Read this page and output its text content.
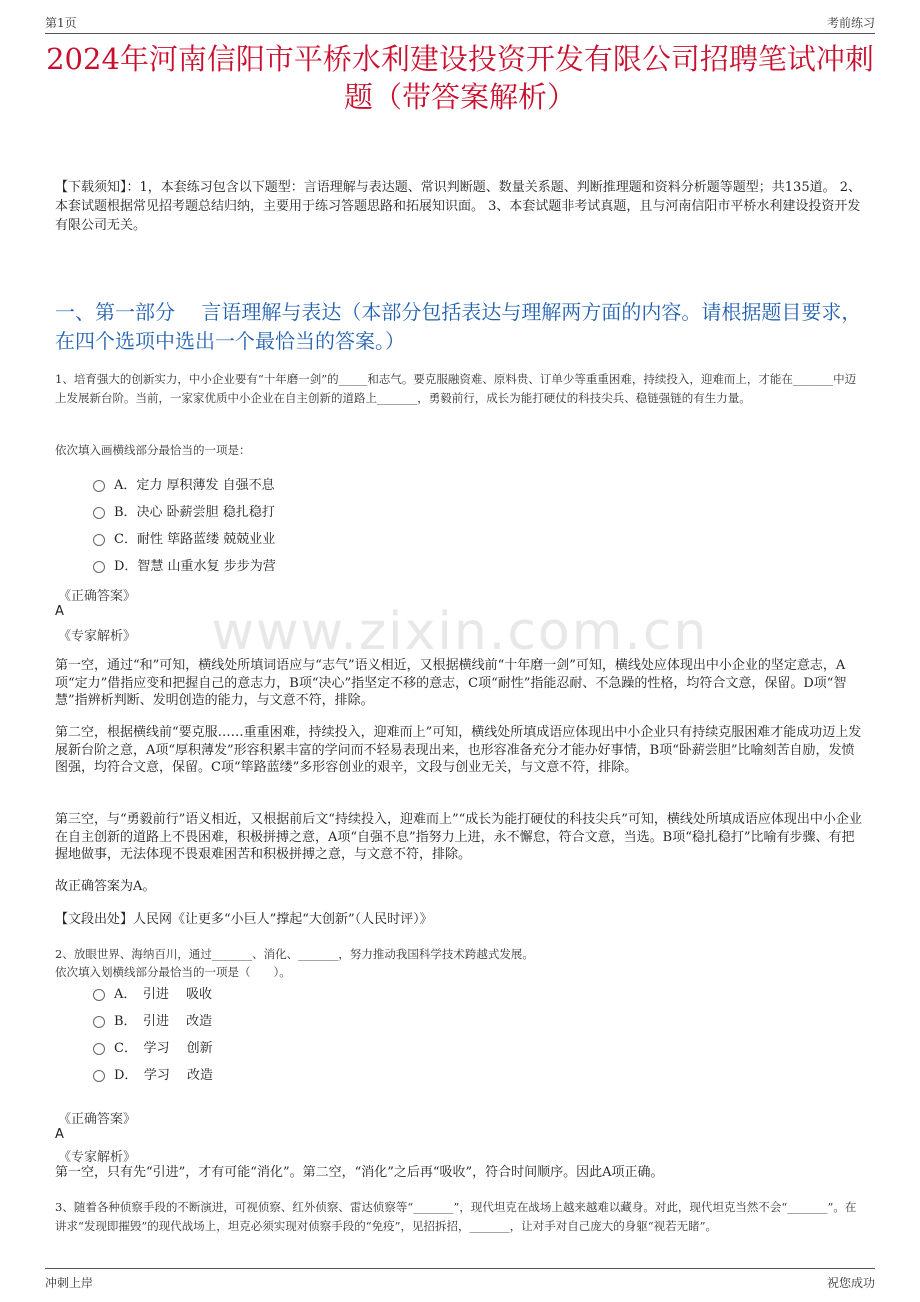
第1页	考前练习
2024年河南信阳市平桥水利建设投资开发有限公司招聘笔试冲刺题（带答案解析）
【下载须知】：1，本套练习包含以下题型：言语理解与表达题、常识判断题、数量关系题、判断推理题和资料分析题等题型；共135道。 2、本套试题根据常见招考题总结归纳，主要用于练习答题思路和拓展知识面。 3、本套试题非考试真题，且与河南信阳市平桥水利建设投资开发有限公司无关。
一、第一部分　 言语理解与表达（本部分包括表达与理解两方面的内容。请根据题目要求，在四个选项中选出一个最恰当的答案。）
www.zixin.com.cn
1、培育强大的创新实力，中小企业要有“十年磨一剑”的_____和志气。要克服融资难、原料贵、订单少等重重困难，持续投入，迎难而上，才能在_______中迈上发展新台阶。当前，一家家优质中小企业在自主创新的道路上_______，勇毅前行，成长为能打硬仗的科技尖兵、稳链强链的有生力量。
依次填入画横线部分最恰当的一项是：
A．定力 厚积薄发 自强不息
B．决心 卧薪尝胆 稳扎稳打
C．耐性 筚路蓝缕 兢兢业业
D．智慧 山重水复 步步为营
《正确答案》
A
《专家解析》
第一空，通过“和”可知，横线处所填词语应与“志气”语义相近，又根据横线前“十年磨一剑”可知，横线处应体现出中小企业的坚定意志，A项“定力”借指应变和把握自己的意志力，B项“决心”指坚定不移的意志，C项“耐性”指能忍耐、不急躁的性格，均符合文意，保留。D项“智慧”指辨析判断、发明创造的能力，与文意不符，排除。
第二空，根据横线前“要克服……重重困难，持续投入，迎难而上”可知，横线处所填成语应体现出中小企业只有持续克服困难才能成功迈上发展新台阶之意，A项“厚积薄发”形容积累丰富的学问而不轻易表现出来，也形容准备充分才能办好事情，B项“卧薪尝胆”比喻刻苦自励，发愤图强，均符合文意，保留。C项“筚路蓝缕”多形容创业的艰辛，文段与创业无关，与文意不符，排除。
第三空，与“勇毅前行”语义相近，又根据前后文“持续投入，迎难而上”“成长为能打硬仗的科技尖兵”可知，横线处所填成语应体现出中小企业在自主创新的道路上不畏困难，积极拼搏之意，A项“自强不息”指努力上进，永不懈怠，符合文意，当选。B项“稳扎稳打”比喻有步骤、有把握地做事，无法体现不畏艰难困苦和积极拼搏之意，与文意不符，排除。
故正确答案为A。
【文段出处】人民网《让更多“小巨人”撑起“大创新”（人民时评）》
2、放眼世界、海纳百川，通过_______、消化、_______，努力推动我国科学技术跨越式发展。
依次填入划横线部分最恰当的一项是（　　）。
A．　引进　 吸收
B．　引进　 改造
C．　学习　 创新
D．　学习　 改造
《正确答案》
A
《专家解析》
第一空，只有先“引进”，才有可能“消化”。第二空，“消化”之后再“吸收”，符合时间顺序。因此A项正确。
3、随着各种侦察手段的不断演进，可视侦察、红外侦察、雷达侦察等“_______”，现代坦克在战场上越来越难以藏身。对此，现代坦克当然不会“_______”。在讲求“发现即摧毁”的现代战场上，坦克必须实现对侦察手段的“免疫”，见招拆招，_______，让对手对自己庞大的身躯“视若无睹”。
冲刺上岸	祝您成功
